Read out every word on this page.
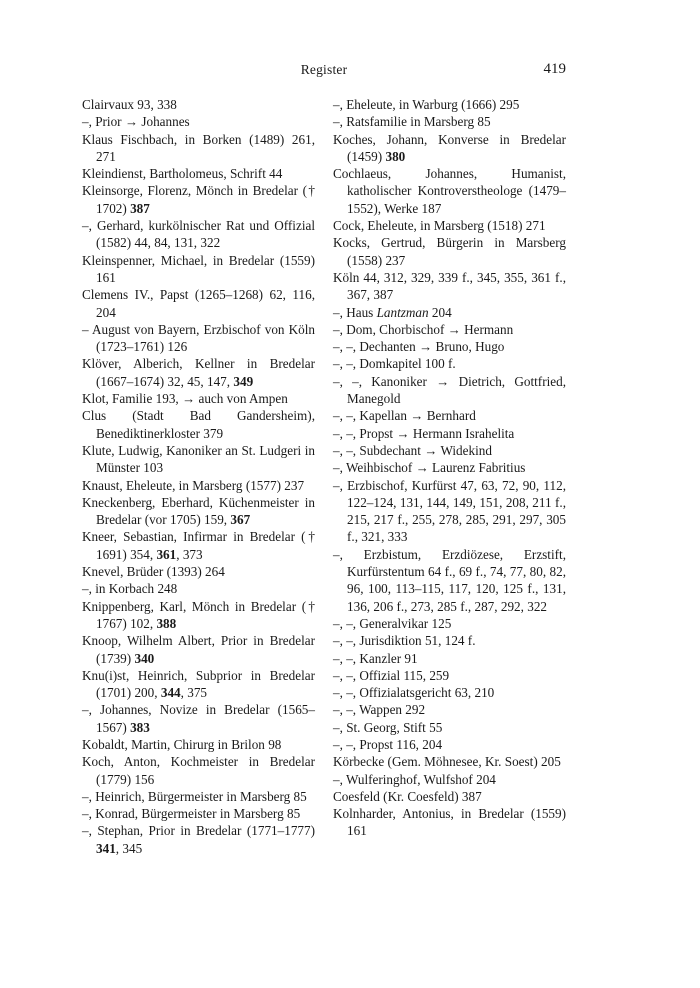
Register	419
Clairvaux 93, 338
–, Prior → Johannes
Klaus Fischbach, in Borken (1489) 261, 271
Kleindienst, Bartholomeus, Schrift 44
Kleinsorge, Florenz, Mönch in Bredelar († 1702) 387
–, Gerhard, kurkölnischer Rat und Offizial (1582) 44, 84, 131, 322
Kleinspenner, Michael, in Bredelar (1559) 161
Clemens IV., Papst (1265–1268) 62, 116, 204
– August von Bayern, Erzbischof von Köln (1723–1761) 126
Klöver, Alberich, Kellner in Bredelar (1667–1674) 32, 45, 147, 349
Klot, Familie 193, → auch von Ampen
Clus (Stadt Bad Gandersheim), Benediktinerkloster 379
Klute, Ludwig, Kanoniker an St. Ludgeri in Münster 103
Knaust, Eheleute, in Marsberg (1577) 237
Kneckenberg, Eberhard, Küchenmeister in Bredelar (vor 1705) 159, 367
Kneer, Sebastian, Infirmar in Bredelar († 1691) 354, 361, 373
Knevel, Brüder (1393) 264
–, in Korbach 248
Knippenberg, Karl, Mönch in Bredelar († 1767) 102, 388
Knoop, Wilhelm Albert, Prior in Bredelar (1739) 340
Knu(i)st, Heinrich, Subprior in Bredelar (1701) 200, 344, 375
–, Johannes, Novize in Bredelar (1565–1567) 383
Kobaldt, Martin, Chirurg in Brilon 98
Koch, Anton, Kochmeister in Bredelar (1779) 156
–, Heinrich, Bürgermeister in Marsberg 85
–, Konrad, Bürgermeister in Marsberg 85
–, Stephan, Prior in Bredelar (1771–1777) 341, 345
–, Eheleute, in Warburg (1666) 295
–, Ratsfamilie in Marsberg 85
Koches, Johann, Konverse in Bredelar (1459) 380
Cochlaeus, Johannes, Humanist, katholischer Kontroverstheologe (1479–1552), Werke 187
Cock, Eheleute, in Marsberg (1518) 271
Kocks, Gertrud, Bürgerin in Marsberg (1558) 237
Köln 44, 312, 329, 339 f., 345, 355, 361 f., 367, 387
–, Haus Lantzman 204
–, Dom, Chorbischof → Hermann
–, –, Dechanten → Bruno, Hugo
–, –, Domkapitel 100 f.
–, –, Kanoniker → Dietrich, Gottfried, Manegold
–, –, Kapellan → Bernhard
–, –, Propst → Hermann Israhelita
–, –, Subdechant → Widekind
–, Weihbischof → Laurenz Fabritius
–, Erzbischof, Kurfürst 47, 63, 72, 90, 112, 122–124, 131, 144, 149, 151, 208, 211 f., 215, 217 f., 255, 278, 285, 291, 297, 305 f., 321, 333
–, Erzbistum, Erzdiözese, Erzstift, Kurfürstentum 64 f., 69 f., 74, 77, 80, 82, 96, 100, 113–115, 117, 120, 125 f., 131, 136, 206 f., 273, 285 f., 287, 292, 322
–, –, Generalvikar 125
–, –, Jurisdiktion 51, 124 f.
–, –, Kanzler 91
–, –, Offizial 115, 259
–, –, Offizialatsgericht 63, 210
–, –, Wappen 292
–, St. Georg, Stift 55
–, –, Propst 116, 204
Körbecke (Gem. Möhnesee, Kr. Soest) 205
–, Wulferinghof, Wulfshof 204
Coesfeld (Kr. Coesfeld) 387
Kolnharder, Antonius, in Bredelar (1559) 161
